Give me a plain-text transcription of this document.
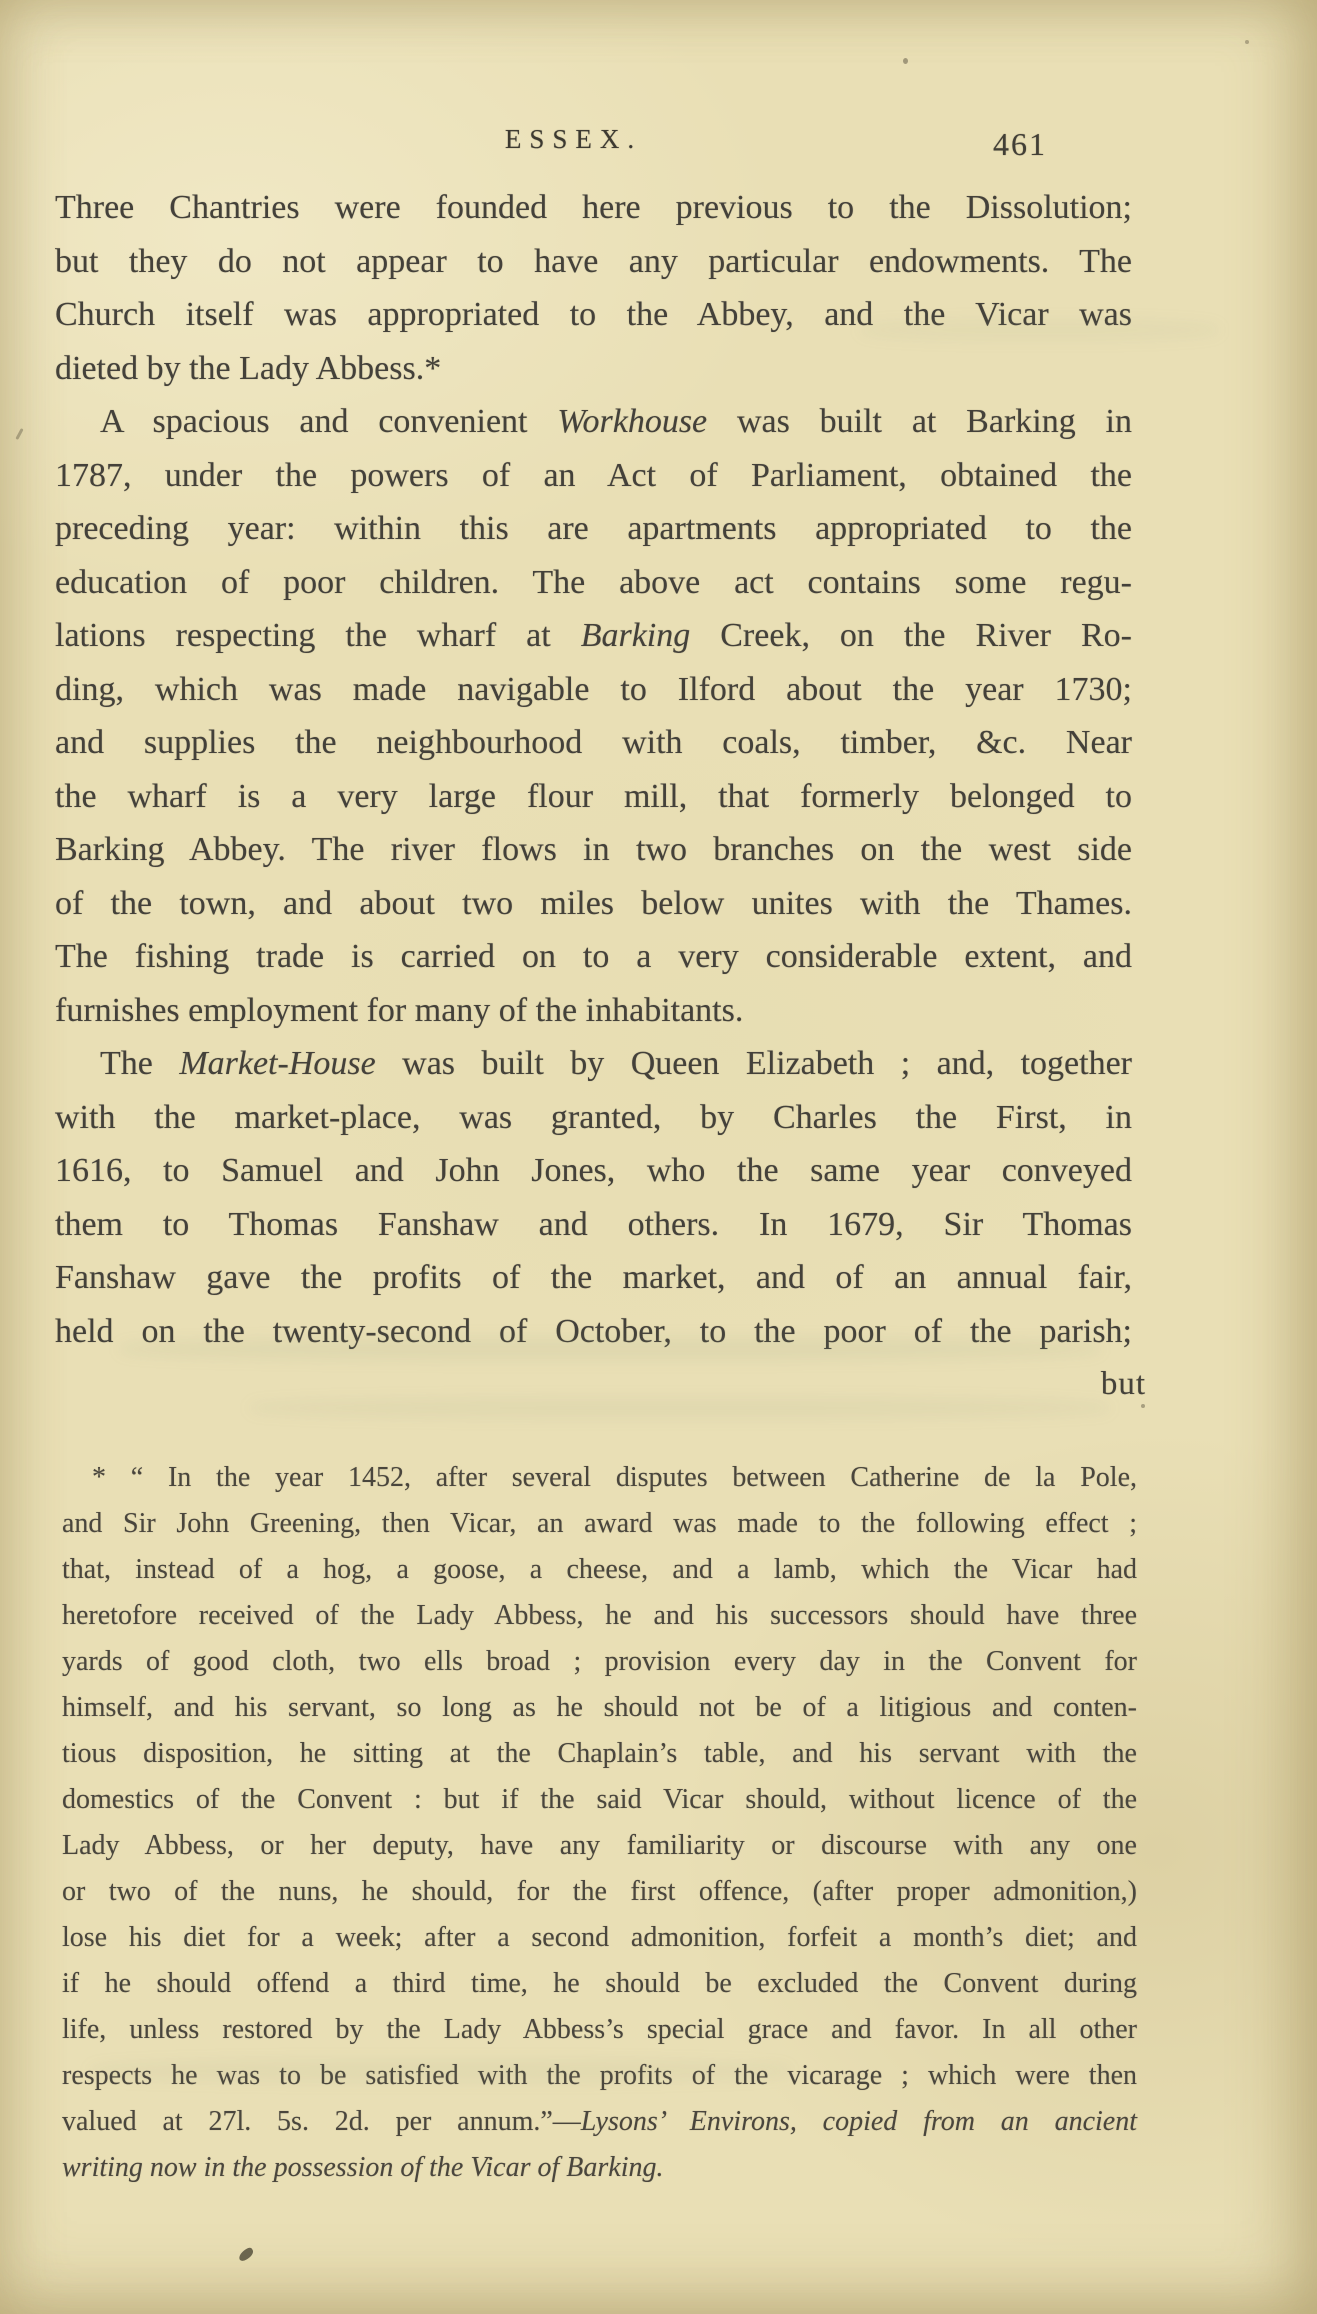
ESSEX.	461
Three Chantries were founded here previous to the Dissolution;
but they do not appear to have any particular endowments. The
Church itself was appropriated to the Abbey, and the Vicar was
dieted by the Lady Abbess.*
A spacious and convenient Workhouse was built at Barking in
1787, under the powers of an Act of Parliament, obtained the
preceding year: within this are apartments appropriated to the
education of poor children. The above act contains some regu-
lations respecting the wharf at Barking Creek, on the River Ro-
ding, which was made navigable to Ilford about the year 1730;
and supplies the neighbourhood with coals, timber, &c. Near
the wharf is a very large flour mill, that formerly belonged to
Barking Abbey. The river flows in two branches on the west side
of the town, and about two miles below unites with the Thames.
The fishing trade is carried on to a very considerable extent, and
furnishes employment for many of the inhabitants.
The Market-House was built by Queen Elizabeth ; and, together
with the market-place, was granted, by Charles the First, in
1616, to Samuel and John Jones, who the same year conveyed
them to Thomas Fanshaw and others. In 1679, Sir Thomas
Fanshaw gave the profits of the market, and of an annual fair,
held on the twenty-second of October, to the poor of the parish;
but
* “ In the year 1452, after several disputes between Catherine de la Pole,
and Sir John Greening, then Vicar, an award was made to the following effect ;
that, instead of a hog, a goose, a cheese, and a lamb, which the Vicar had
heretofore received of the Lady Abbess, he and his successors should have three
yards of good cloth, two ells broad ; provision every day in the Convent for
himself, and his servant, so long as he should not be of a litigious and conten-
tious disposition, he sitting at the Chaplain’s table, and his servant with the
domestics of the Convent : but if the said Vicar should, without licence of the
Lady Abbess, or her deputy, have any familiarity or discourse with any one
or two of the nuns, he should, for the first offence, (after proper admonition,)
lose his diet for a week; after a second admonition, forfeit a month’s diet; and
if he should offend a third time, he should be excluded the Convent during
life, unless restored by the Lady Abbess’s special grace and favor. In all other
respects he was to be satisfied with the profits of the vicarage ; which were then
valued at 27l. 5s. 2d. per annum.”—Lysons’ Environs, copied from an ancient
writing now in the possession of the Vicar of Barking.
